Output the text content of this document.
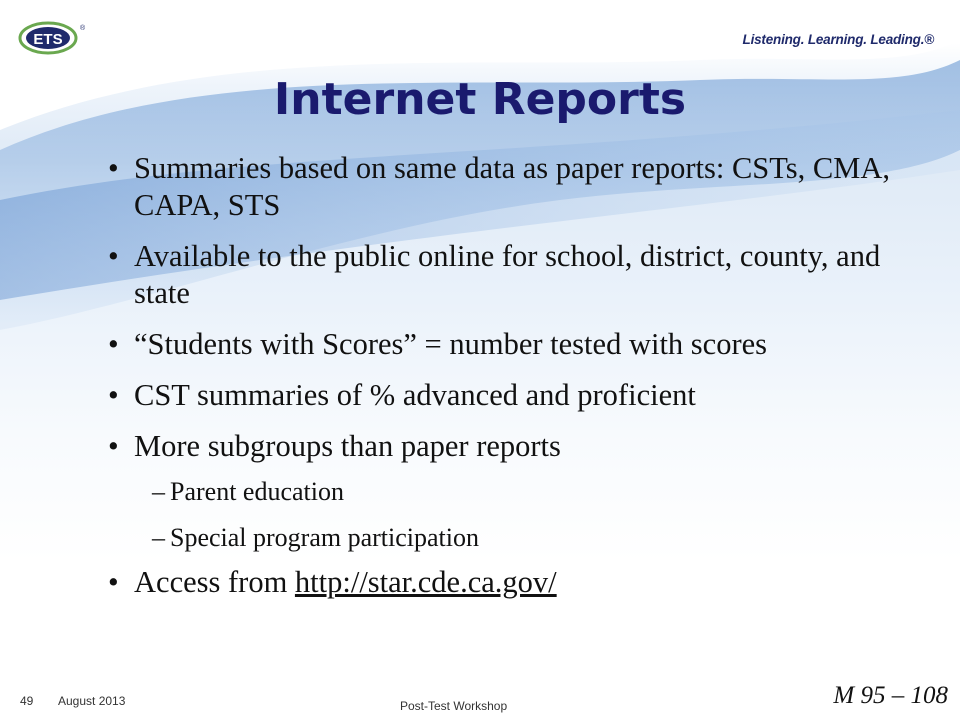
ETS
®
Listening. Learning. Leading.®
Internet Reports
• Summaries based on same data as paper reports: CSTs, CMA, CAPA, STS
• Available to the public online for school, district, county, and state
• “Students with Scores” = number tested with scores
• CST summaries of % advanced and proficient
• More subgroups than paper reports
– Parent education
– Special program participation
• Access from http://star.cde.ca.gov/
49 August 2013	Post-Test Workshop	M 95 – 108
